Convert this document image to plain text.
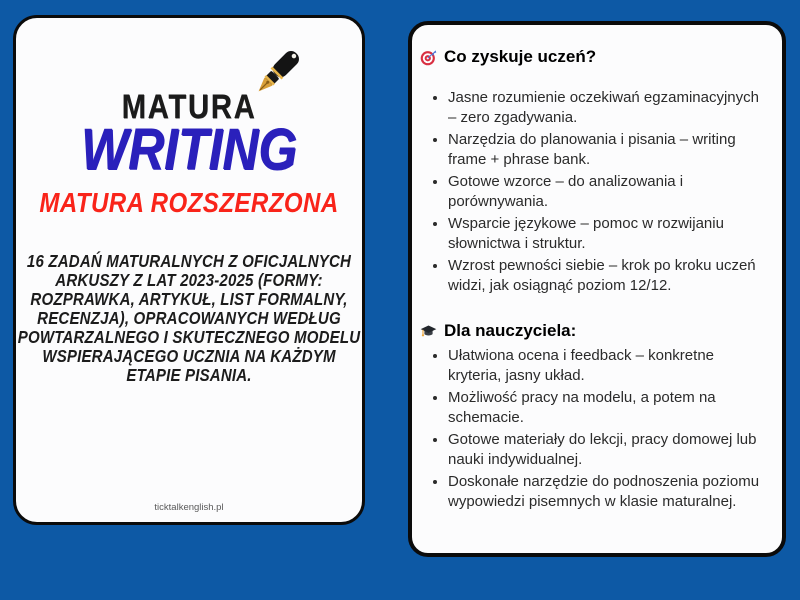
MATURA
WRITING
MATURA ROZSZERZONA
16 ZADAŃ MATURALNYCH Z OFICJALNYCH
ARKUSZY Z LAT 2023-2025 (FORMY:
ROZPRAWKA, ARTYKUŁ, LIST FORMALNY,
RECENZJA), OPRACOWANYCH WEDŁUG
POWTARZALNEGO I SKUTECZNEGO MODELU
WSPIERAJĄCEGO UCZNIA NA KAŻDYM
ETAPIE PISANIA.
ticktalkenglish.pl
Co zyskuje uczeń?
• Jasne rozumienie oczekiwań egzaminacyjnych – zero zgadywania.
• Narzędzia do planowania i pisania – writing frame + phrase bank.
• Gotowe wzorce – do analizowania i porównywania.
• Wsparcie językowe – pomoc w rozwijaniu słownictwa i struktur.
• Wzrost pewności siebie – krok po kroku uczeń widzi, jak osiągnąć poziom 12/12.
Dla nauczyciela:
• Ułatwiona ocena i feedback – konkretne kryteria, jasny układ.
• Możliwość pracy na modelu, a potem na schemacie.
• Gotowe materiały do lekcji, pracy domowej lub nauki indywidualnej.
• Doskonałe narzędzie do podnoszenia poziomu wypowiedzi pisemnych w klasie maturalnej.
